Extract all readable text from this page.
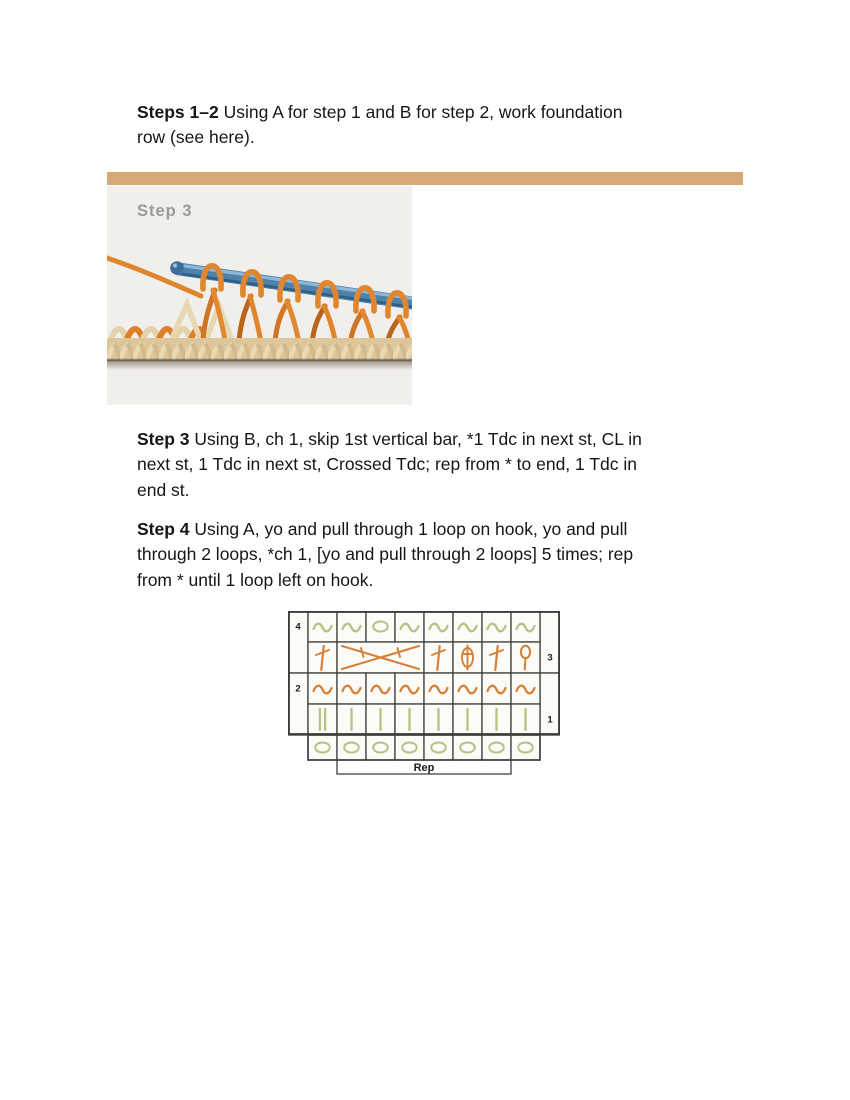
Steps 1–2 Using A for step 1 and B for step 2, work foundation
row (see here).
Step 3
Step 3 Using B, ch 1, skip 1st vertical bar, *1 Tdc in next st, CL in
next st, 1 Tdc in next st, Crossed Tdc; rep from * to end, 1 Tdc in
end st.
Step 4 Using A, yo and pull through 1 loop on hook, yo and pull
through 2 loops, *ch 1, [yo and pull through 2 loops] 5 times; rep
from * until 1 loop left on hook.
4
3
2
1
Rep
